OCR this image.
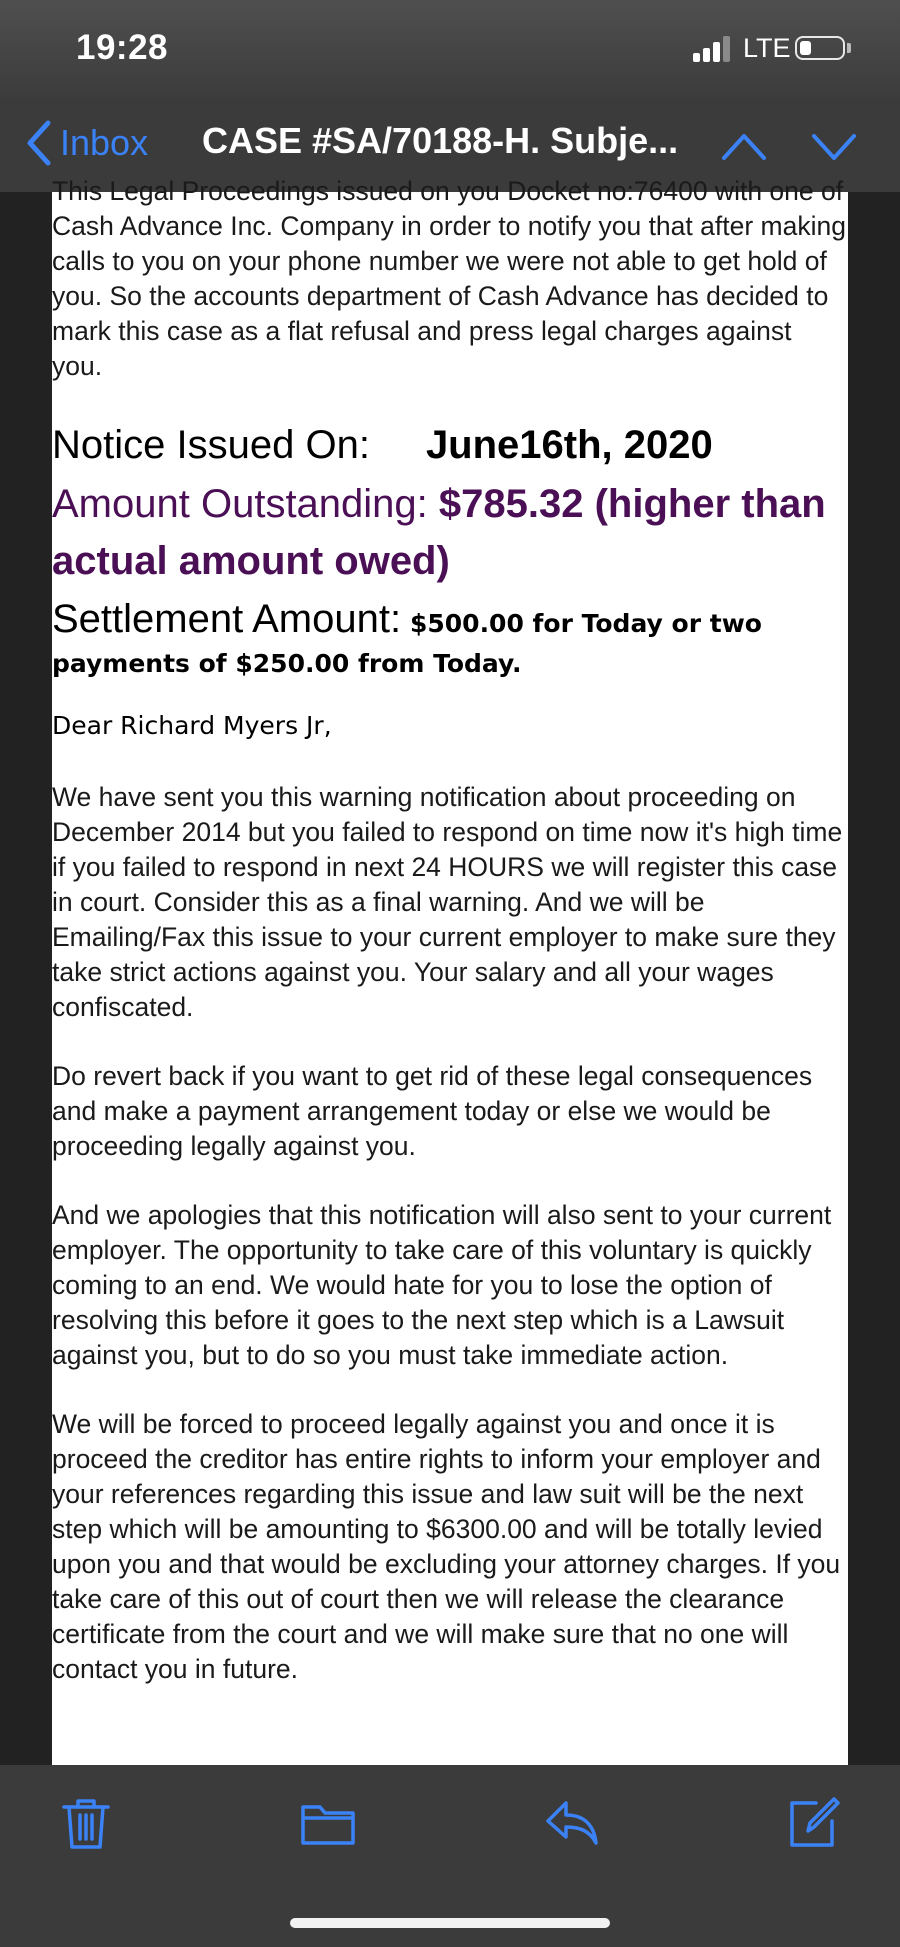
19:28	LTE
Inbox CASE #SA/70188-H. Subje...

This Legal Proceedings issued on you Docket no:76400 with one of Cash Advance Inc. Company in order to notify you that after making calls to you on your phone number we were not able to get hold of you. So the accounts department of Cash Advance has decided to mark this case as a flat refusal and press legal charges against you.

Notice Issued On: June16th, 2020

Amount Outstanding: $785.32 (higher than actual amount owed)

Settlement Amount: $500.00 for Today or two payments of $250.00 from Today.

Dear Richard Myers Jr,

We have sent you this warning notification about proceeding on December 2014 but you failed to respond on time now it's high time if you failed to respond in next 24 HOURS we will register this case in court. Consider this as a final warning. And we will be Emailing/Fax this issue to your current employer to make sure they take strict actions against you. Your salary and all your wages confiscated.

Do revert back if you want to get rid of these legal consequences and make a payment arrangement today or else we would be proceeding legally against you.

And we apologies that this notification will also sent to your current employer. The opportunity to take care of this voluntary is quickly coming to an end. We would hate for you to lose the option of resolving this before it goes to the next step which is a Lawsuit against you, but to do so you must take immediate action.

We will be forced to proceed legally against you and once it is proceed the creditor has entire rights to inform your employer and your references regarding this issue and law suit will be the next step which will be amounting to $6300.00 and will be totally levied upon you and that would be excluding your attorney charges. If you take care of this out of court then we will release the clearance certificate from the court and we will make sure that no one will contact you in future.
